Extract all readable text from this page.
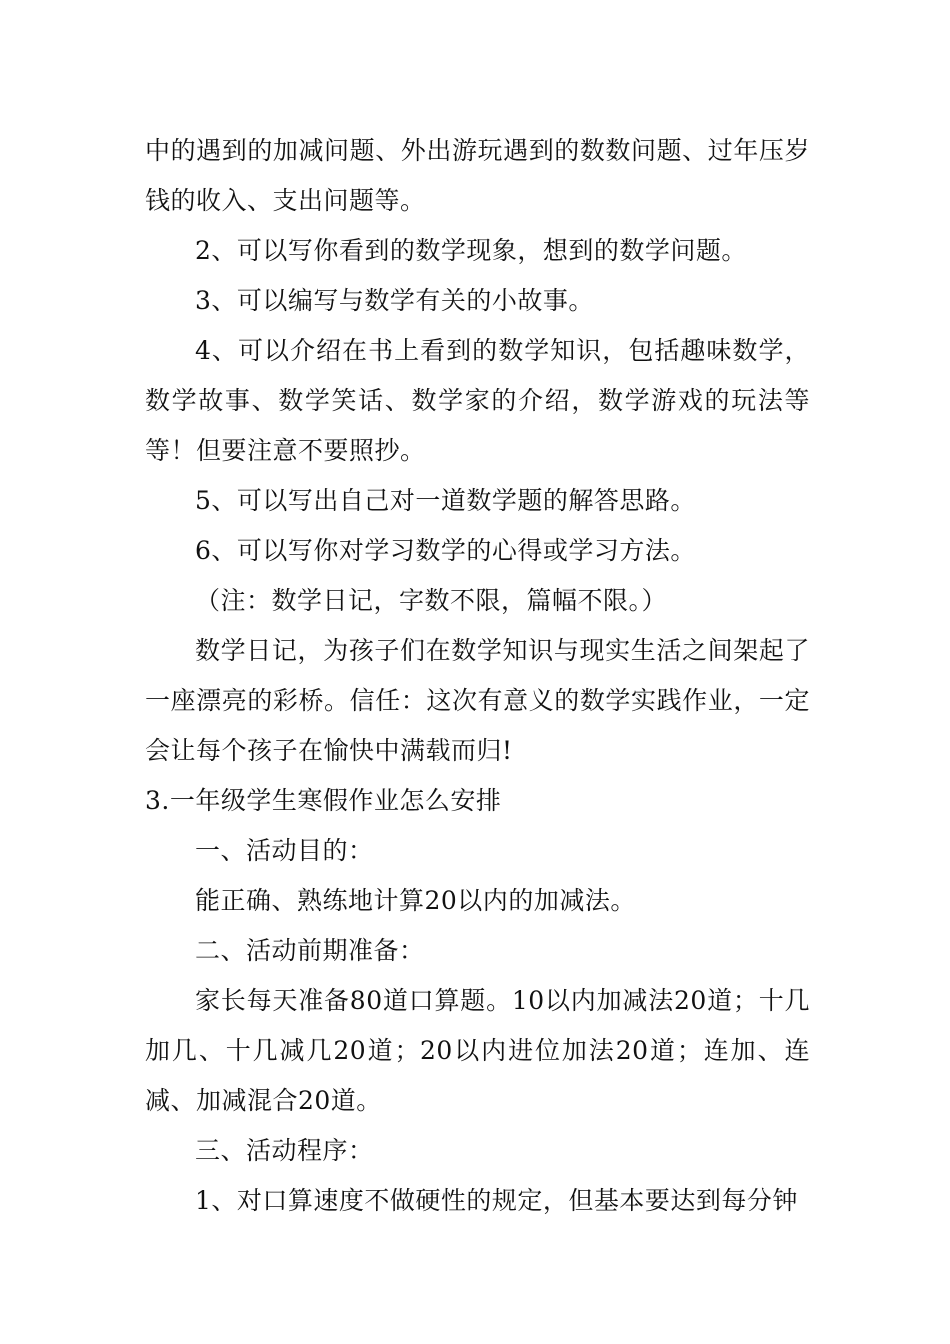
中的遇到的加减问题、外出游玩遇到的数数问题、过年压岁钱的收入、支出问题等。

2、可以写你看到的数学现象，想到的数学问题。

3、可以编写与数学有关的小故事。

4、可以介绍在书上看到的数学知识，包括趣味数学，数学故事、数学笑话、数学家的介绍，数学游戏的玩法等等！但要注意不要照抄。

5、可以写出自己对一道数学题的解答思路。

6、可以写你对学习数学的心得或学习方法。

（注：数学日记，字数不限，篇幅不限。）

数学日记，为孩子们在数学知识与现实生活之间架起了一座漂亮的彩桥。信任：这次有意义的数学实践作业，一定会让每个孩子在愉快中满载而归!

3.一年级学生寒假作业怎么安排

一、活动目的：

能正确、熟练地计算20以内的加减法。

二、活动前期准备：

家长每天准备80道口算题。10以内加减法20道；十几加几、十几减几20道；20以内进位加法20道；连加、连减、加减混合20道。

三、活动程序：

1、对口算速度不做硬性的规定，但基本要达到每分钟
